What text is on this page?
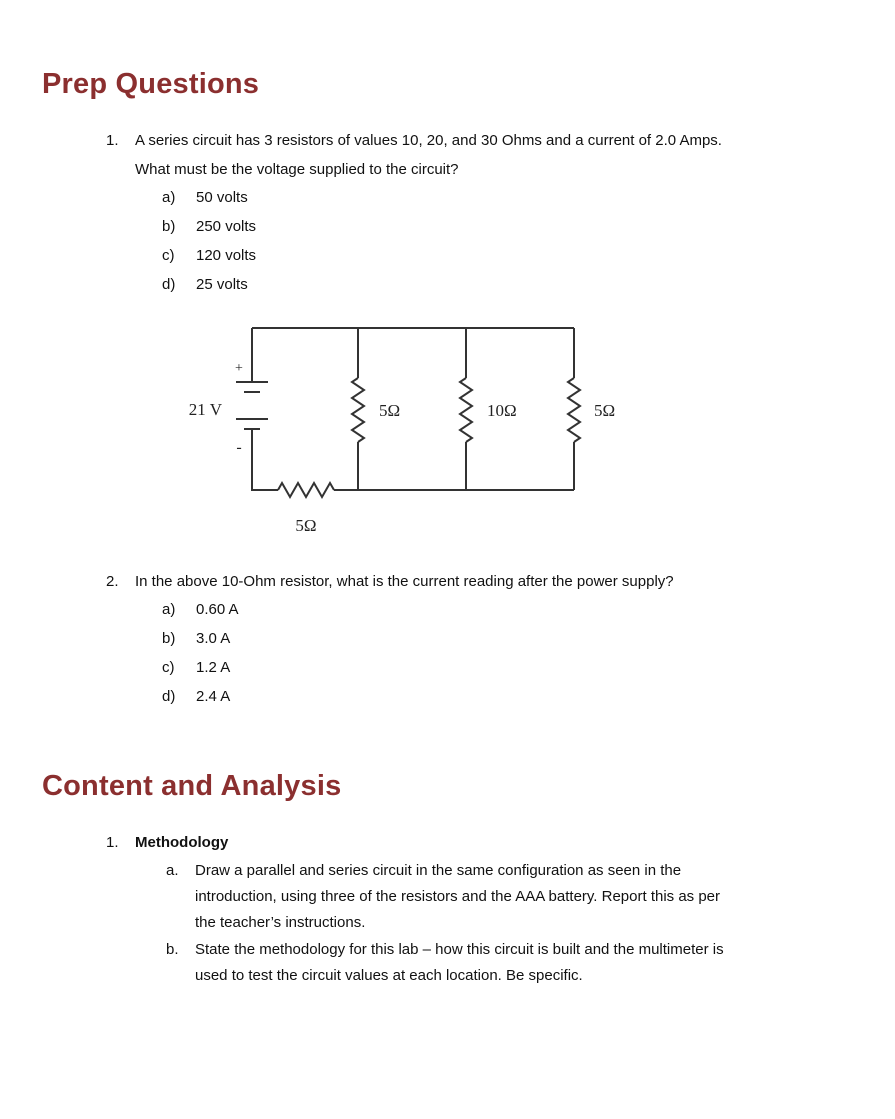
Prep Questions
1. A series circuit has 3 resistors of values 10, 20, and 30 Ohms and a current of 2.0 Amps.
What must be the voltage supplied to the circuit?
a) 50 volts
b) 250 volts
c) 120 volts
d) 25 volts
+
-
21 V
5Ω
5Ω	10Ω	5Ω
2. In the above 10-Ohm resistor, what is the current reading after the power supply?
a) 0.60 A
b) 3.0 A
c) 1.2 A
d) 2.4 A
Content and Analysis
1. Methodology
a. Draw a parallel and series circuit in the same configuration as seen in the
introduction, using three of the resistors and the AAA battery. Report this as per
the teacher’s instructions.
b. State the methodology for this lab – how this circuit is built and the multimeter is
used to test the circuit values at each location. Be specific.
